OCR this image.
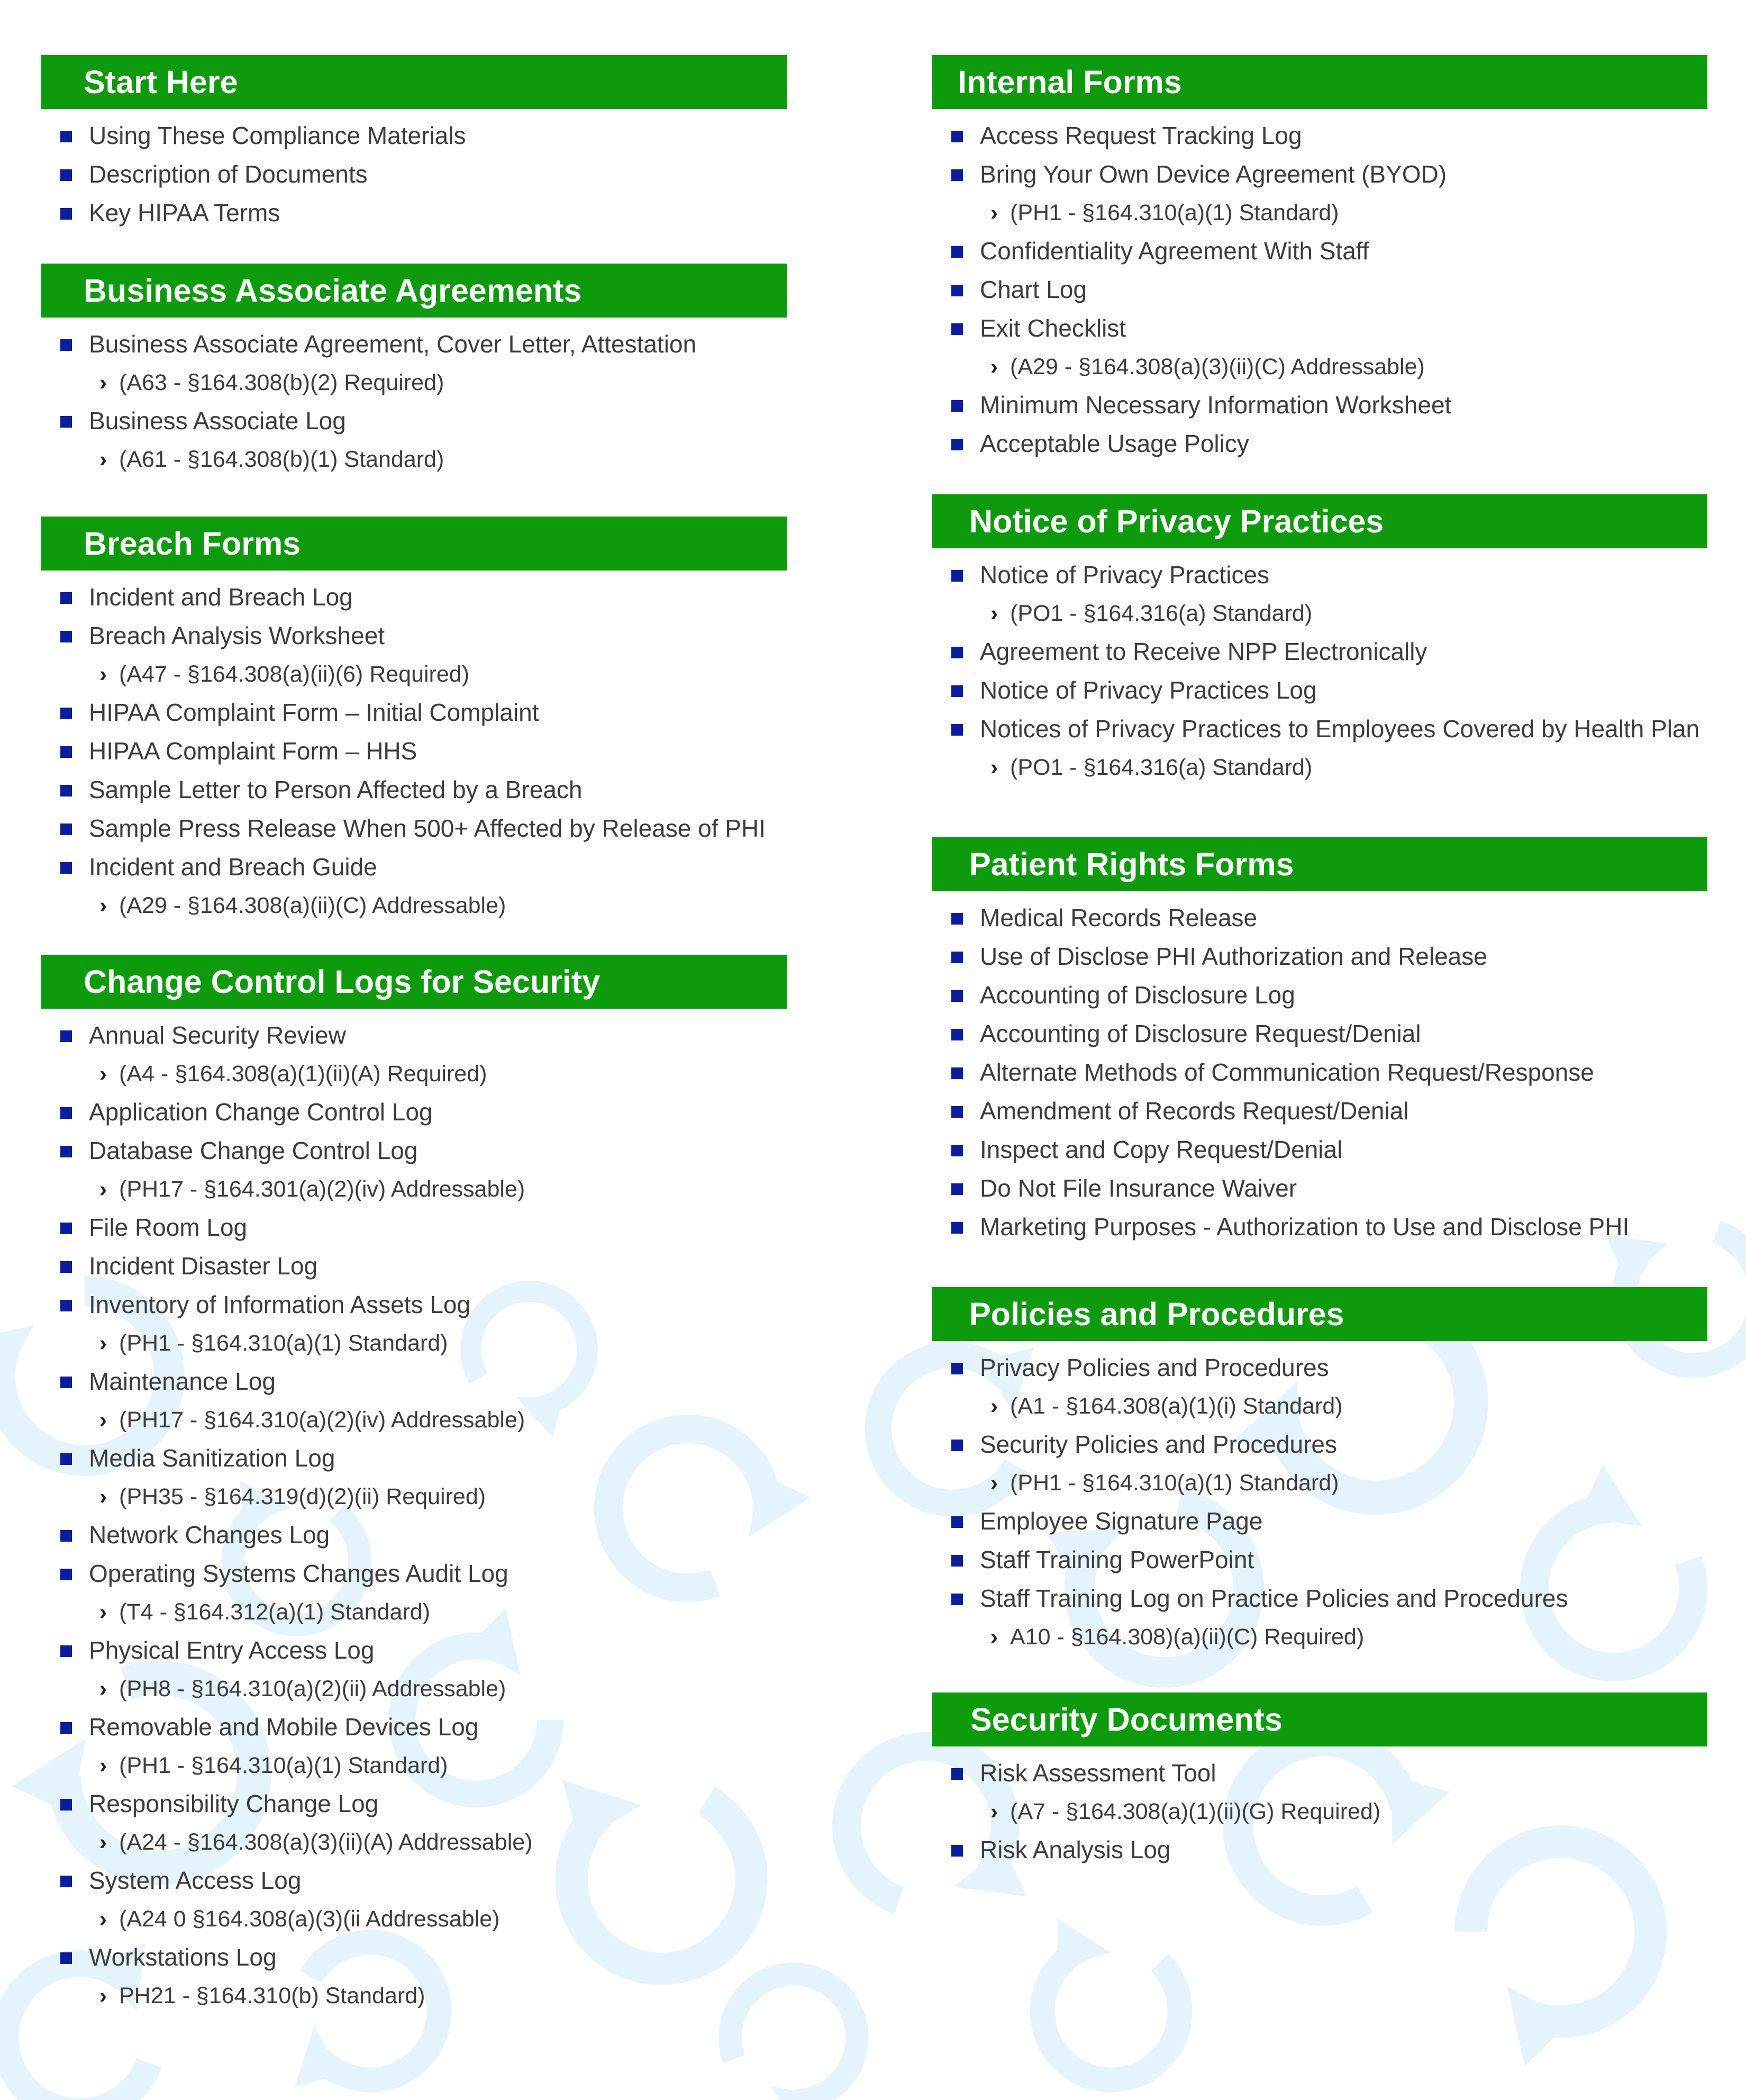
Start Here
Using These Compliance Materials
Description of Documents
Key HIPAA Terms
Business Associate Agreements
Business Associate Agreement, Cover Letter, Attestation
› (A63 - §164.308(b)(2) Required)
Business Associate Log
› (A61 - §164.308(b)(1) Standard)
Breach Forms
Incident and Breach Log
Breach Analysis Worksheet
› (A47 - §164.308(a)(ii)(6) Required)
HIPAA Complaint Form – Initial Complaint
HIPAA Complaint Form – HHS
Sample Letter to Person Affected by a Breach
Sample Press Release When 500+ Affected by Release of PHI
Incident and Breach Guide
› (A29 - §164.308(a)(ii)(C) Addressable)
Change Control Logs for Security
Annual Security Review
› (A4 - §164.308(a)(1)(ii)(A) Required)
Application Change Control Log
Database Change Control Log
› (PH17 - §164.301(a)(2)(iv) Addressable)
File Room Log
Incident Disaster Log
Inventory of Information Assets Log
› (PH1 - §164.310(a)(1) Standard)
Maintenance Log
› (PH17 - §164.310(a)(2)(iv) Addressable)
Media Sanitization Log
› (PH35 - §164.319(d)(2)(ii) Required)
Network Changes Log
Operating Systems Changes Audit Log
› (T4 - §164.312(a)(1) Standard)
Physical Entry Access Log
› (PH8 - §164.310(a)(2)(ii) Addressable)
Removable and Mobile Devices Log
› (PH1 - §164.310(a)(1) Standard)
Responsibility Change Log
› (A24 - §164.308(a)(3)(ii)(A) Addressable)
System Access Log
› (A24 0 §164.308(a)(3)(ii Addressable)
Workstations Log
› PH21 - §164.310(b) Standard)
Internal Forms
Access Request Tracking Log
Bring Your Own Device Agreement (BYOD)
› (PH1 - §164.310(a)(1) Standard)
Confidentiality Agreement With Staff
Chart Log
Exit Checklist
› (A29 - §164.308(a)(3)(ii)(C) Addressable)
Minimum Necessary Information Worksheet
Acceptable Usage Policy
Notice of Privacy Practices
Notice of Privacy Practices
› (PO1 - §164.316(a) Standard)
Agreement to Receive NPP Electronically
Notice of Privacy Practices Log
Notices of Privacy Practices to Employees Covered by Health Plan
› (PO1 - §164.316(a) Standard)
Patient Rights Forms
Medical Records Release
Use of Disclose PHI Authorization and Release
Accounting of Disclosure Log
Accounting of Disclosure Request/Denial
Alternate Methods of Communication Request/Response
Amendment of Records Request/Denial
Inspect and Copy Request/Denial
Do Not File Insurance Waiver
Marketing Purposes - Authorization to Use and Disclose PHI
Policies and Procedures
Privacy Policies and Procedures
› (A1 - §164.308(a)(1)(i) Standard)
Security Policies and Procedures
› (PH1 - §164.310(a)(1) Standard)
Employee Signature Page
Staff Training PowerPoint
Staff Training Log on Practice Policies and Procedures
› A10 - §164.308)(a)(ii)(C) Required)
Security Documents
Risk Assessment Tool
› (A7 - §164.308(a)(1)(ii)(G) Required)
Risk Analysis Log
